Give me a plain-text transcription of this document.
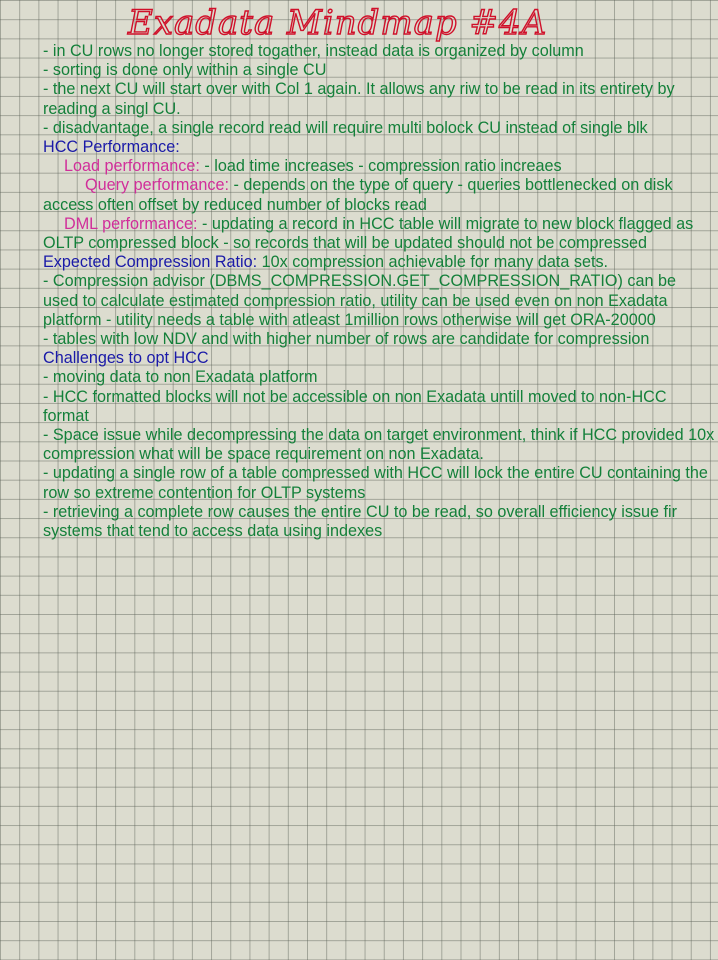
Exadata Mindmap #4A

- in CU rows no longer stored togather, instead data is organized by column

- sorting is done only within a single CU

- the next CU will start over with Col 1 again. It allows any riw to be read in its entirety by reading a singl CU.

- disadvantage, a single record read will require multi bolock CU instead of single blk

HCC Performance:

Load performance: - load time increases - compression ratio increaes

Query performance: - depends on the type of query - queries bottlenecked on disk access often offset by reduced number of blocks read

DML performance: - updating a record in HCC table will migrate to new block flagged as OLTP compressed block - so records that will be updated should not be compressed

Expected Compression Ratio: 10x compression achievable for many data sets.

- Compression advisor (DBMS_COMPRESSION.GET_COMPRESSION_RATIO) can be used to calculate estimated compression ratio, utility can be used even on non Exadata platform - utility needs a table with atleast 1million rows otherwise will get ORA-20000

- tables with low NDV and with higher number of rows are candidate for compression

Challenges to opt HCC

- moving data to non Exadata platform

- HCC formatted blocks will not be accessible on non Exadata untill moved to non-HCC format

- Space issue while decompressing the data on target environment, think if HCC provided 10x compression what will be space requirement on non Exadata.

- updating a single row of a table compressed with HCC will lock the entire CU containing the row so extreme contention for OLTP systems

- retrieving a complete row causes the entire CU to be read, so overall efficiency issue fir systems that tend to access data using indexes
